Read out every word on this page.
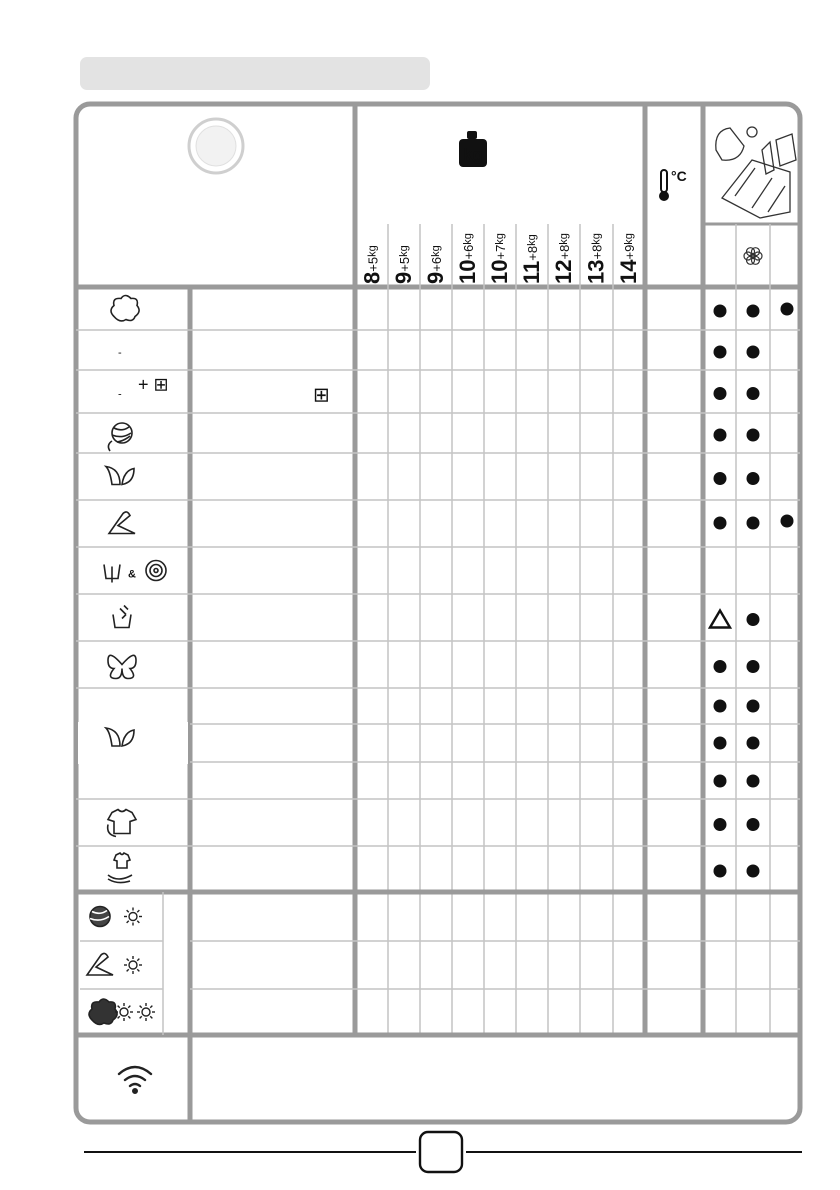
kg
8+5kg
9+5kg
9+6kg
10+6kg
10+7kg
11+8kg
12+8kg
13+8kg
14+9kg
°C
-
- + ⊞	⊞
&
